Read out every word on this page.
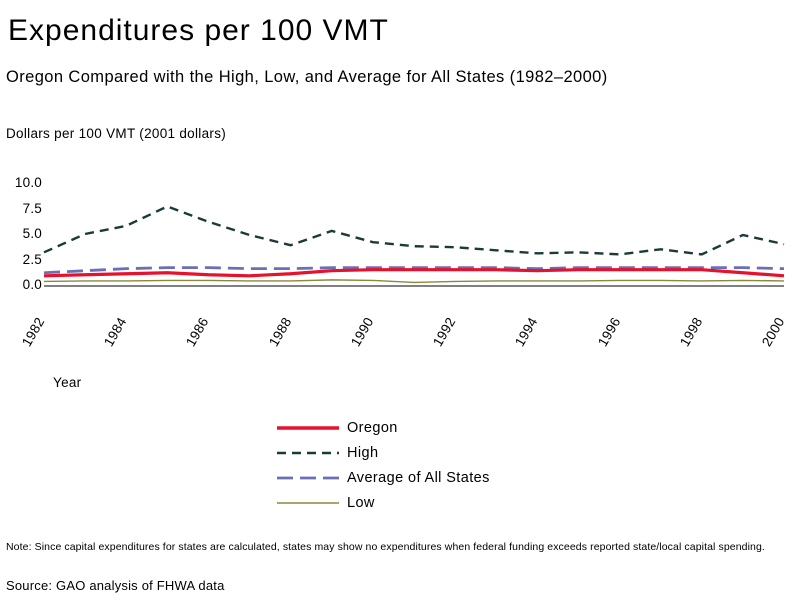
Expenditures per 100 VMT
Oregon Compared with the High, Low, and Average for All States (1982–2000)
Dollars per 100 VMT (2001 dollars)
0.0
2.5
5.0
7.5
10.0
1982	1984	1986	1988	1990	1992	1994	1996	1998	2000
Year
Oregon
High
Average of All States
Low
Note: Since capital expenditures for states are calculated, states may show no expenditures when federal funding exceeds reported state/local capital spending.
Source: GAO analysis of FHWA data
